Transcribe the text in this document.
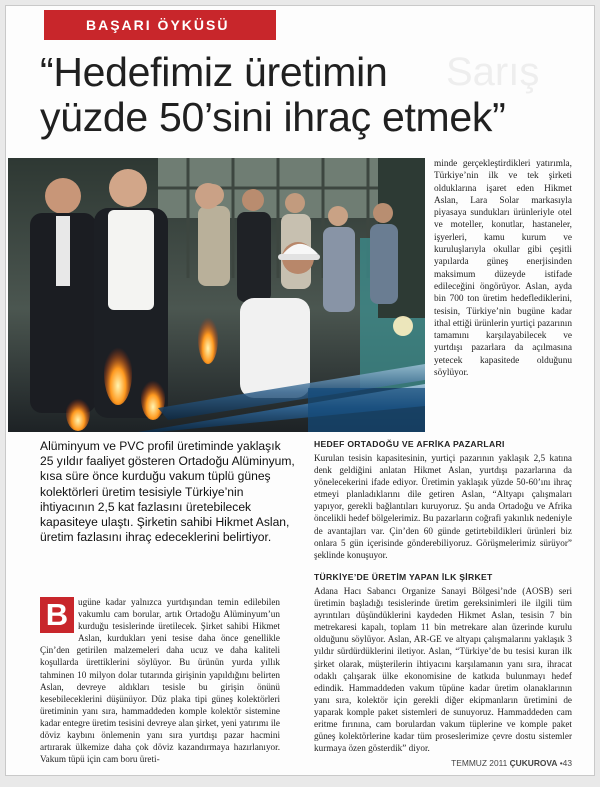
BAŞARI ÖYKÜSÜ
Sarış
“Hedefimiz üretimin
yüzde 50’sini ihraç etmek”

minde gerçekleştirdikleri yatırımla, Türkiye’nin ilk ve tek şirketi olduklarına işaret eden Hikmet Aslan, Lara Solar markasıyla piyasaya sundukları ürünleriyle otel ve moteller, konutlar, hastaneler, işyerleri, kamu kurum ve kuruluşlarıyla okullar gibi çeşitli yapılarda güneş enerjisinden maksimum düzeyde istifade edileceğini öngörüyor. Aslan, ayda bin 700 ton üretim hedeflediklerini, tesisin, Türkiye’nin bugüne kadar ithal ettiği ürünlerin yurtiçi pazarının tamamını karşılayabilecek ve yurtdışı pazarlara da açılmasına yetecek kapasitede olduğunu söylüyor.

Alüminyum ve PVC profil üretiminde yaklaşık 25 yıldır faaliyet gösteren Ortadoğu Alüminyum, kısa süre önce kurduğu vakum tüplü güneş kolektörleri üretim tesisiyle Türkiye’nin ihtiyacının 2,5 kat fazlasını üretebilecek kapasiteye ulaştı. Şirketin sahibi Hikmet Aslan, üretim fazlasını ihraç edeceklerini belirtiyor.

B	ugüne kadar yalnızca yurtdışından temin edilebilen vakumlu cam borular, artık Ortadoğu Alüminyum’un kurduğu tesislerinde üretilecek. Şirket sahibi Hikmet Aslan, kurdukları yeni tesise daha önce genellikle Çin’den getirilen malzemeleri daha ucuz ve daha kaliteli koşullarda ürettiklerini söylüyor. Bu ürünün yurda yıllık tahminen 10 milyon dolar tutarında girişinin yapıldığını belirten Aslan, devreye aldıkları tesisle bu girişin önünü kesebileceklerini düşünüyor. Düz plaka tipi güneş kolektörleri üretiminin yanı sıra, hammaddeden komple kolektör sistemine kadar entegre üretim tesisini devreye alan şirket, yeni yatırımı ile döviz kaybını önlemenin yanı sıra yurtdışı pazar hacmini artırarak ülkemize daha çok döviz kazandırmaya hazırlanıyor. Vakum tüpü için cam boru üreti-

HEDEF ORTADOĞU VE AFRİKA PAZARLARI

Kurulan tesisin kapasitesinin, yurtiçi pazarının yaklaşık 2,5 katına denk geldiğini anlatan Hikmet Aslan, yurtdışı pazarlarına da yönelecekerini ifade ediyor. Üretimin yaklaşık yüzde 50-60’ını ihraç etmeyi planladıklarını dile getiren Aslan, “Altyapı çalışmaları yapıyor, gerekli bağlantıları kuruyoruz. Şu anda Ortadoğu ve Afrika öncelikli hedef bölgelerimiz. Bu pazarların coğrafi yakınlık nedeniyle de avantajları var. Çin’den 60 günde getirtebildikleri ürünleri biz onlara 5 gün içerisinde gönderebiliyoruz. Görüşmelerimiz sürüyor” şeklinde konuşuyor.

TÜRKİYE’DE ÜRETİM YAPAN İLK ŞİRKET

Adana Hacı Sabancı Organize Sanayi Bölgesi’nde (AOSB) seri üretimin başladığı tesislerinde üretim gereksinimleri ile ilgili tüm ayrıntıları düşündüklerini kaydeden Hikmet Aslan, tesisin 7 bin metrekaresi kapalı, toplam 11 bin metrekare alan üzerinde kurulu olduğunu söylüyor. Aslan, AR-GE ve altyapı çalışmalarını yaklaşık 3 yıldır sürdürdüklerini iletiyor. Aslan, “Türkiye’de bu tesisi kuran ilk şirket olarak, müşterilerin ihtiyacını karşılamanın yanı sıra, ihracat odaklı çalışarak ülke ekonomisine de katkıda bulunmayı hedef edindik. Hammaddeden vakum tüpüne kadar üretim olanaklarının yanı sıra, kolektör için gerekli diğer ekipmanların üretimini de yaparak komple paket sistemleri de sunuyoruz. Hammaddeden cam eritme fırınına, cam borulardan vakum tüplerine ve komple paket güneş kolektörlerine kadar tüm proseslerimize çevre dostu sistemler kurmaya özen gösterdik” diyor.

TEMMUZ 2011 ÇUKUROVA •43
